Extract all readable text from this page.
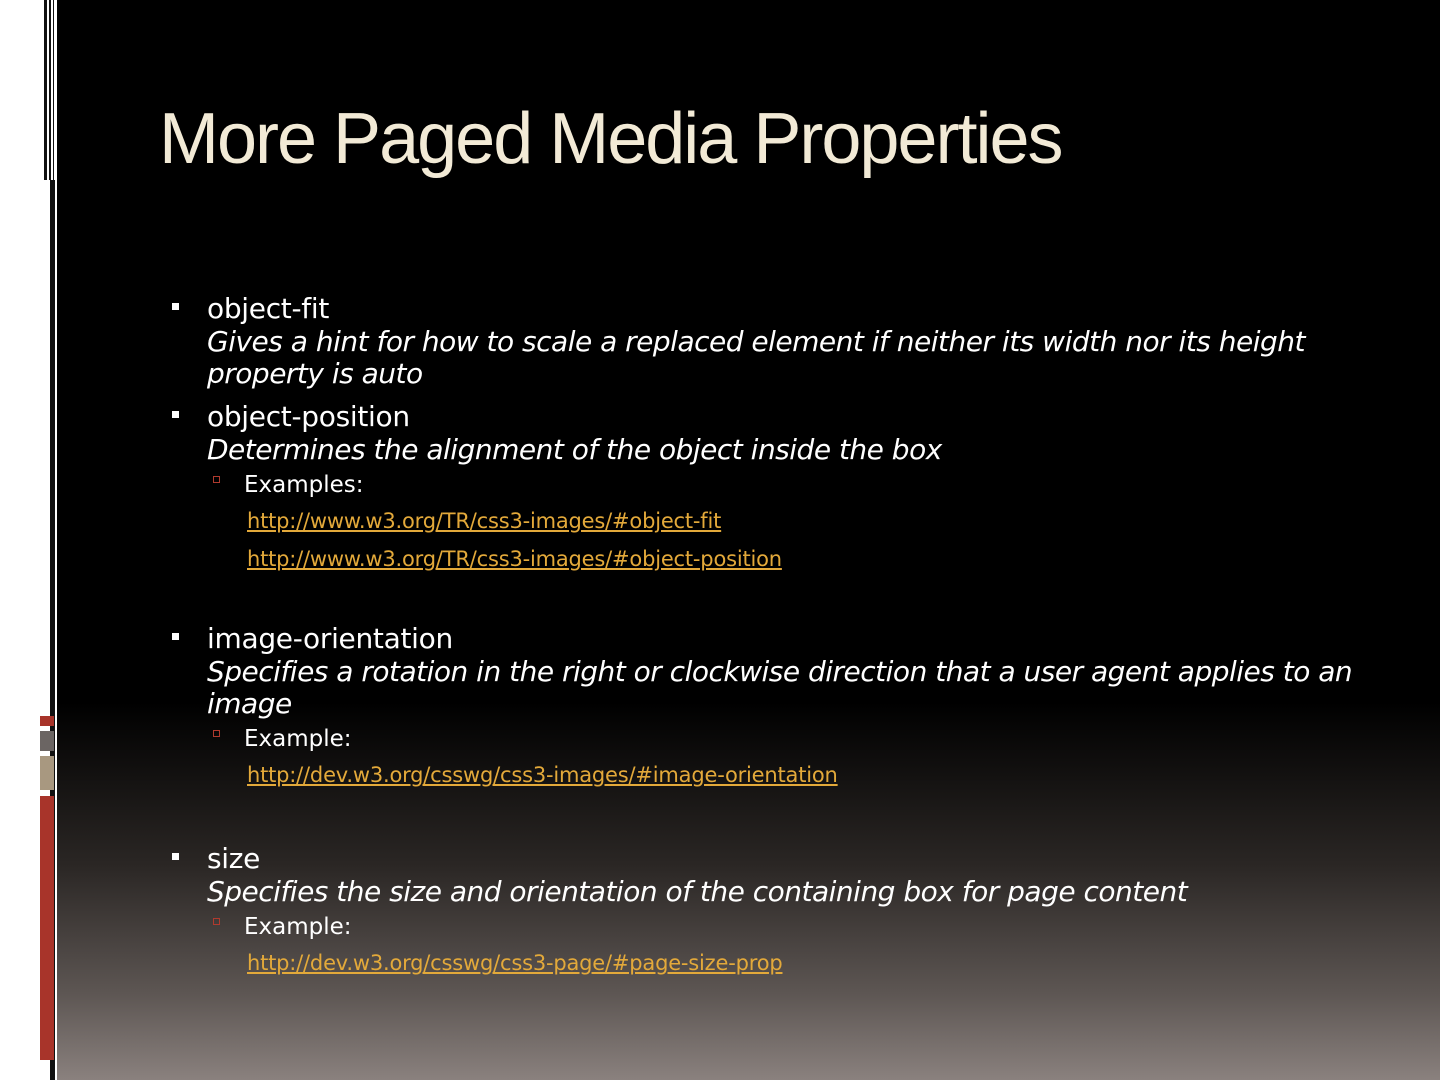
More Paged Media Properties
object-fit
Gives a hint for how to scale a replaced element if neither its width nor its height property is auto
object-position
Determines the alignment of the object inside the box
Examples:
http://www.w3.org/TR/css3-images/#object-fit
http://www.w3.org/TR/css3-images/#object-position
image-orientation
Specifies a rotation in the right or clockwise direction that a user agent applies to an image
Example:
http://dev.w3.org/csswg/css3-images/#image-orientation
size
Specifies the size and orientation of the containing box for page content
Example:
http://dev.w3.org/csswg/css3-page/#page-size-prop
